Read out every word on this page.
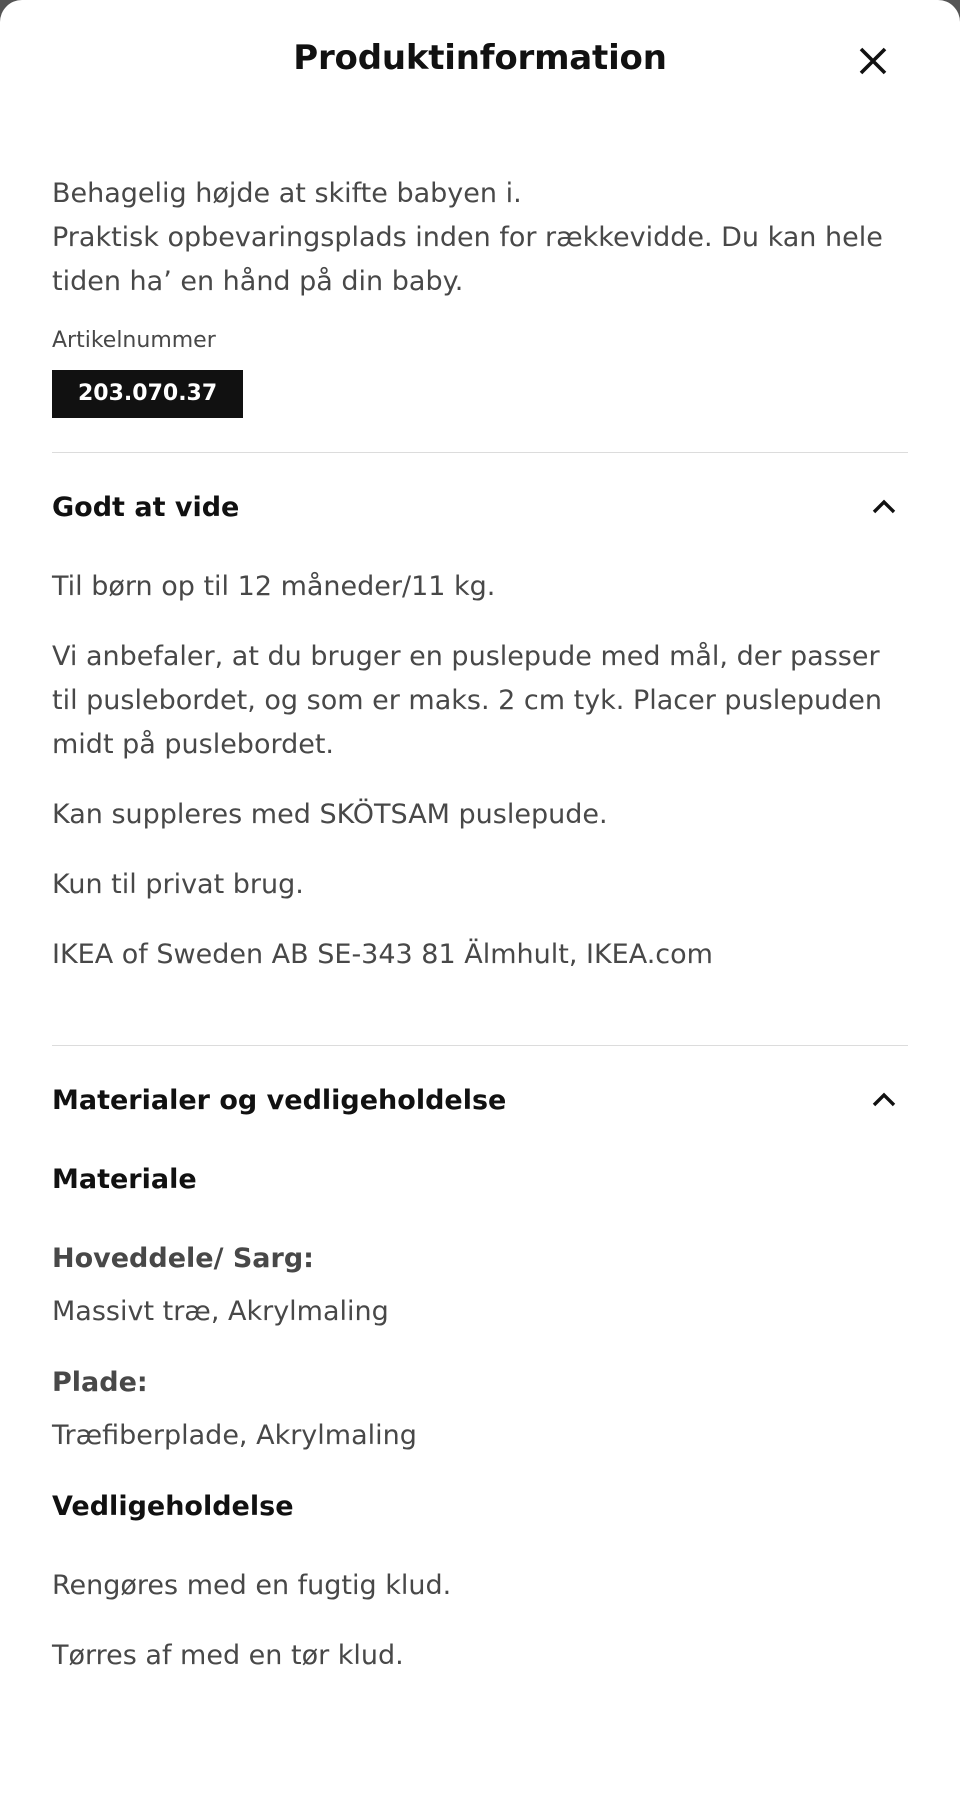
Produktinformation

Behagelig højde at skifte babyen i.

Praktisk opbevaringsplads inden for rækkevidde. Du kan hele tiden ha’ en hånd på din baby.

Artikelnummer
203.070.37
Godt at vide
Til børn op til 12 måneder/11 kg.
Vi anbefaler, at du bruger en puslepude med mål, der passer til puslebordet, og som er maks. 2 cm tyk. Placer puslepuden midt på puslebordet.
Kan suppleres med SKÖTSAM puslepude.
Kun til privat brug.
IKEA of Sweden AB SE-343 81 Älmhult, IKEA.com
Materialer og vedligeholdelse
Materiale
Hoveddele/ Sarg:
Massivt træ, Akrylmaling
Plade:
Træfiberplade, Akrylmaling
Vedligeholdelse
Rengøres med en fugtig klud.
Tørres af med en tør klud.
